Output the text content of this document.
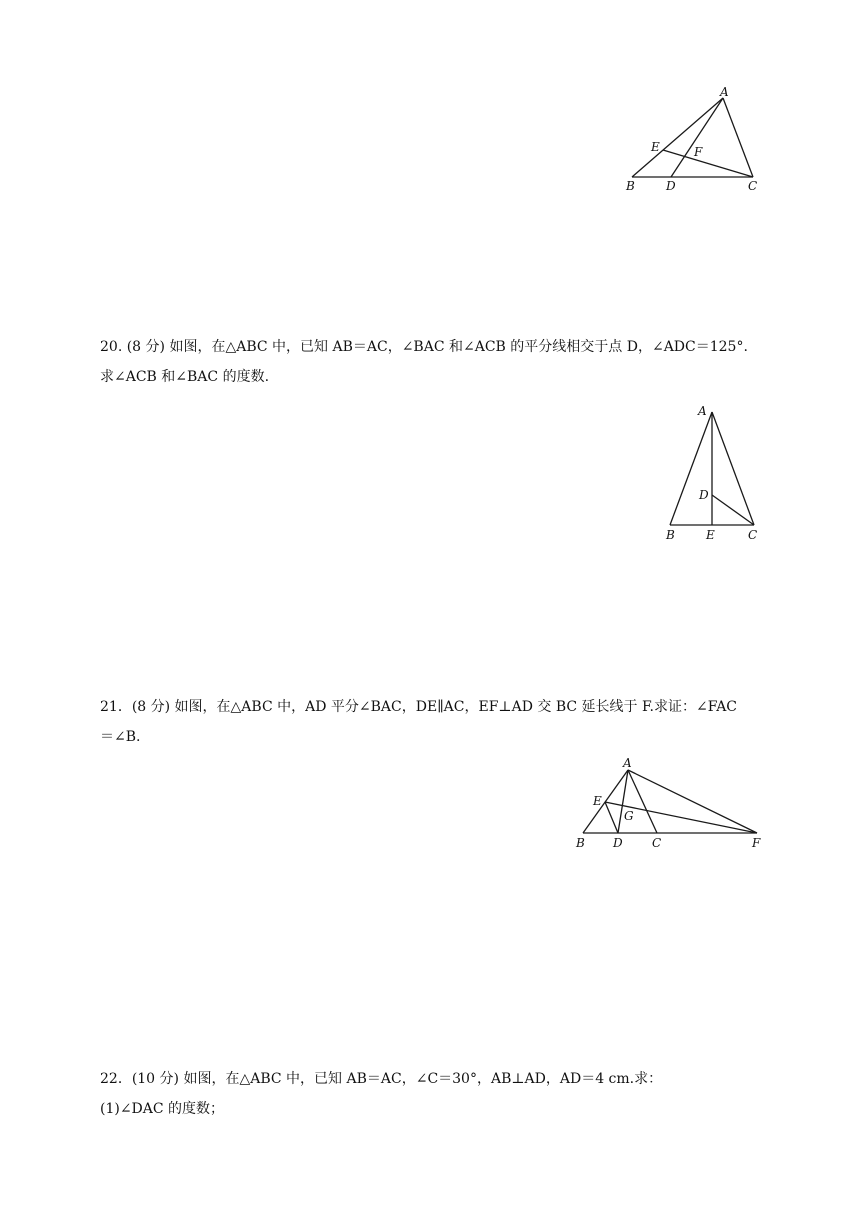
A
E	F
B	D	C

20. (8 分) 如图，在△ABC 中，已知 AB＝AC，∠BAC 和∠ACB 的平分线相交于点 D，∠ADC＝125°.

求∠ACB 和∠BAC 的度数.

A
D
B	E	C

21．(8 分) 如图，在△ABC 中，AD 平分∠BAC，DE∥AC，EF⊥AD 交 BC 延长线于 F.求证：∠FAC

＝∠B.

A
E
G
B D C	F

22．(10 分) 如图，在△ABC 中，已知 AB＝AC，∠C＝30°，AB⊥AD，AD＝4 cm.求：

(1)∠DAC 的度数；
